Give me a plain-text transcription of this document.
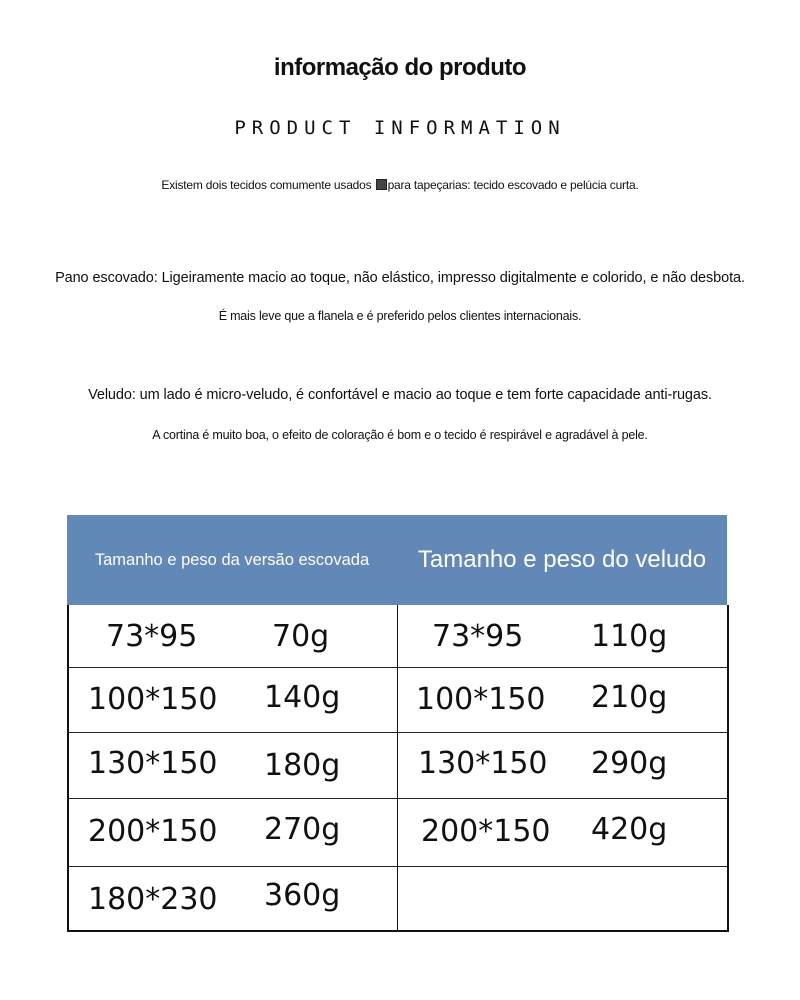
informação do produto
PRODUCT INFORMATION
Existem dois tecidos comumente usados para tapeçarias: tecido escovado e pelúcia curta.
Pano escovado: Ligeiramente macio ao toque, não elástico, impresso digitalmente e colorido, e não desbota.
É mais leve que a flanela e é preferido pelos clientes internacionais.
Veludo: um lado é micro-veludo, é confortável e macio ao toque e tem forte capacidade anti-rugas.
A cortina é muito boa, o efeito de coloração é bom e o tecido é respirável e agradável à pele.
Tamanho e peso da versão escovada	Tamanho e peso do veludo
73*95 70g	73*95 110g
100*150 140g	100*150 210g
130*150 180g	130*150 290g
200*150 270g	200*150 420g
180*230 360g
